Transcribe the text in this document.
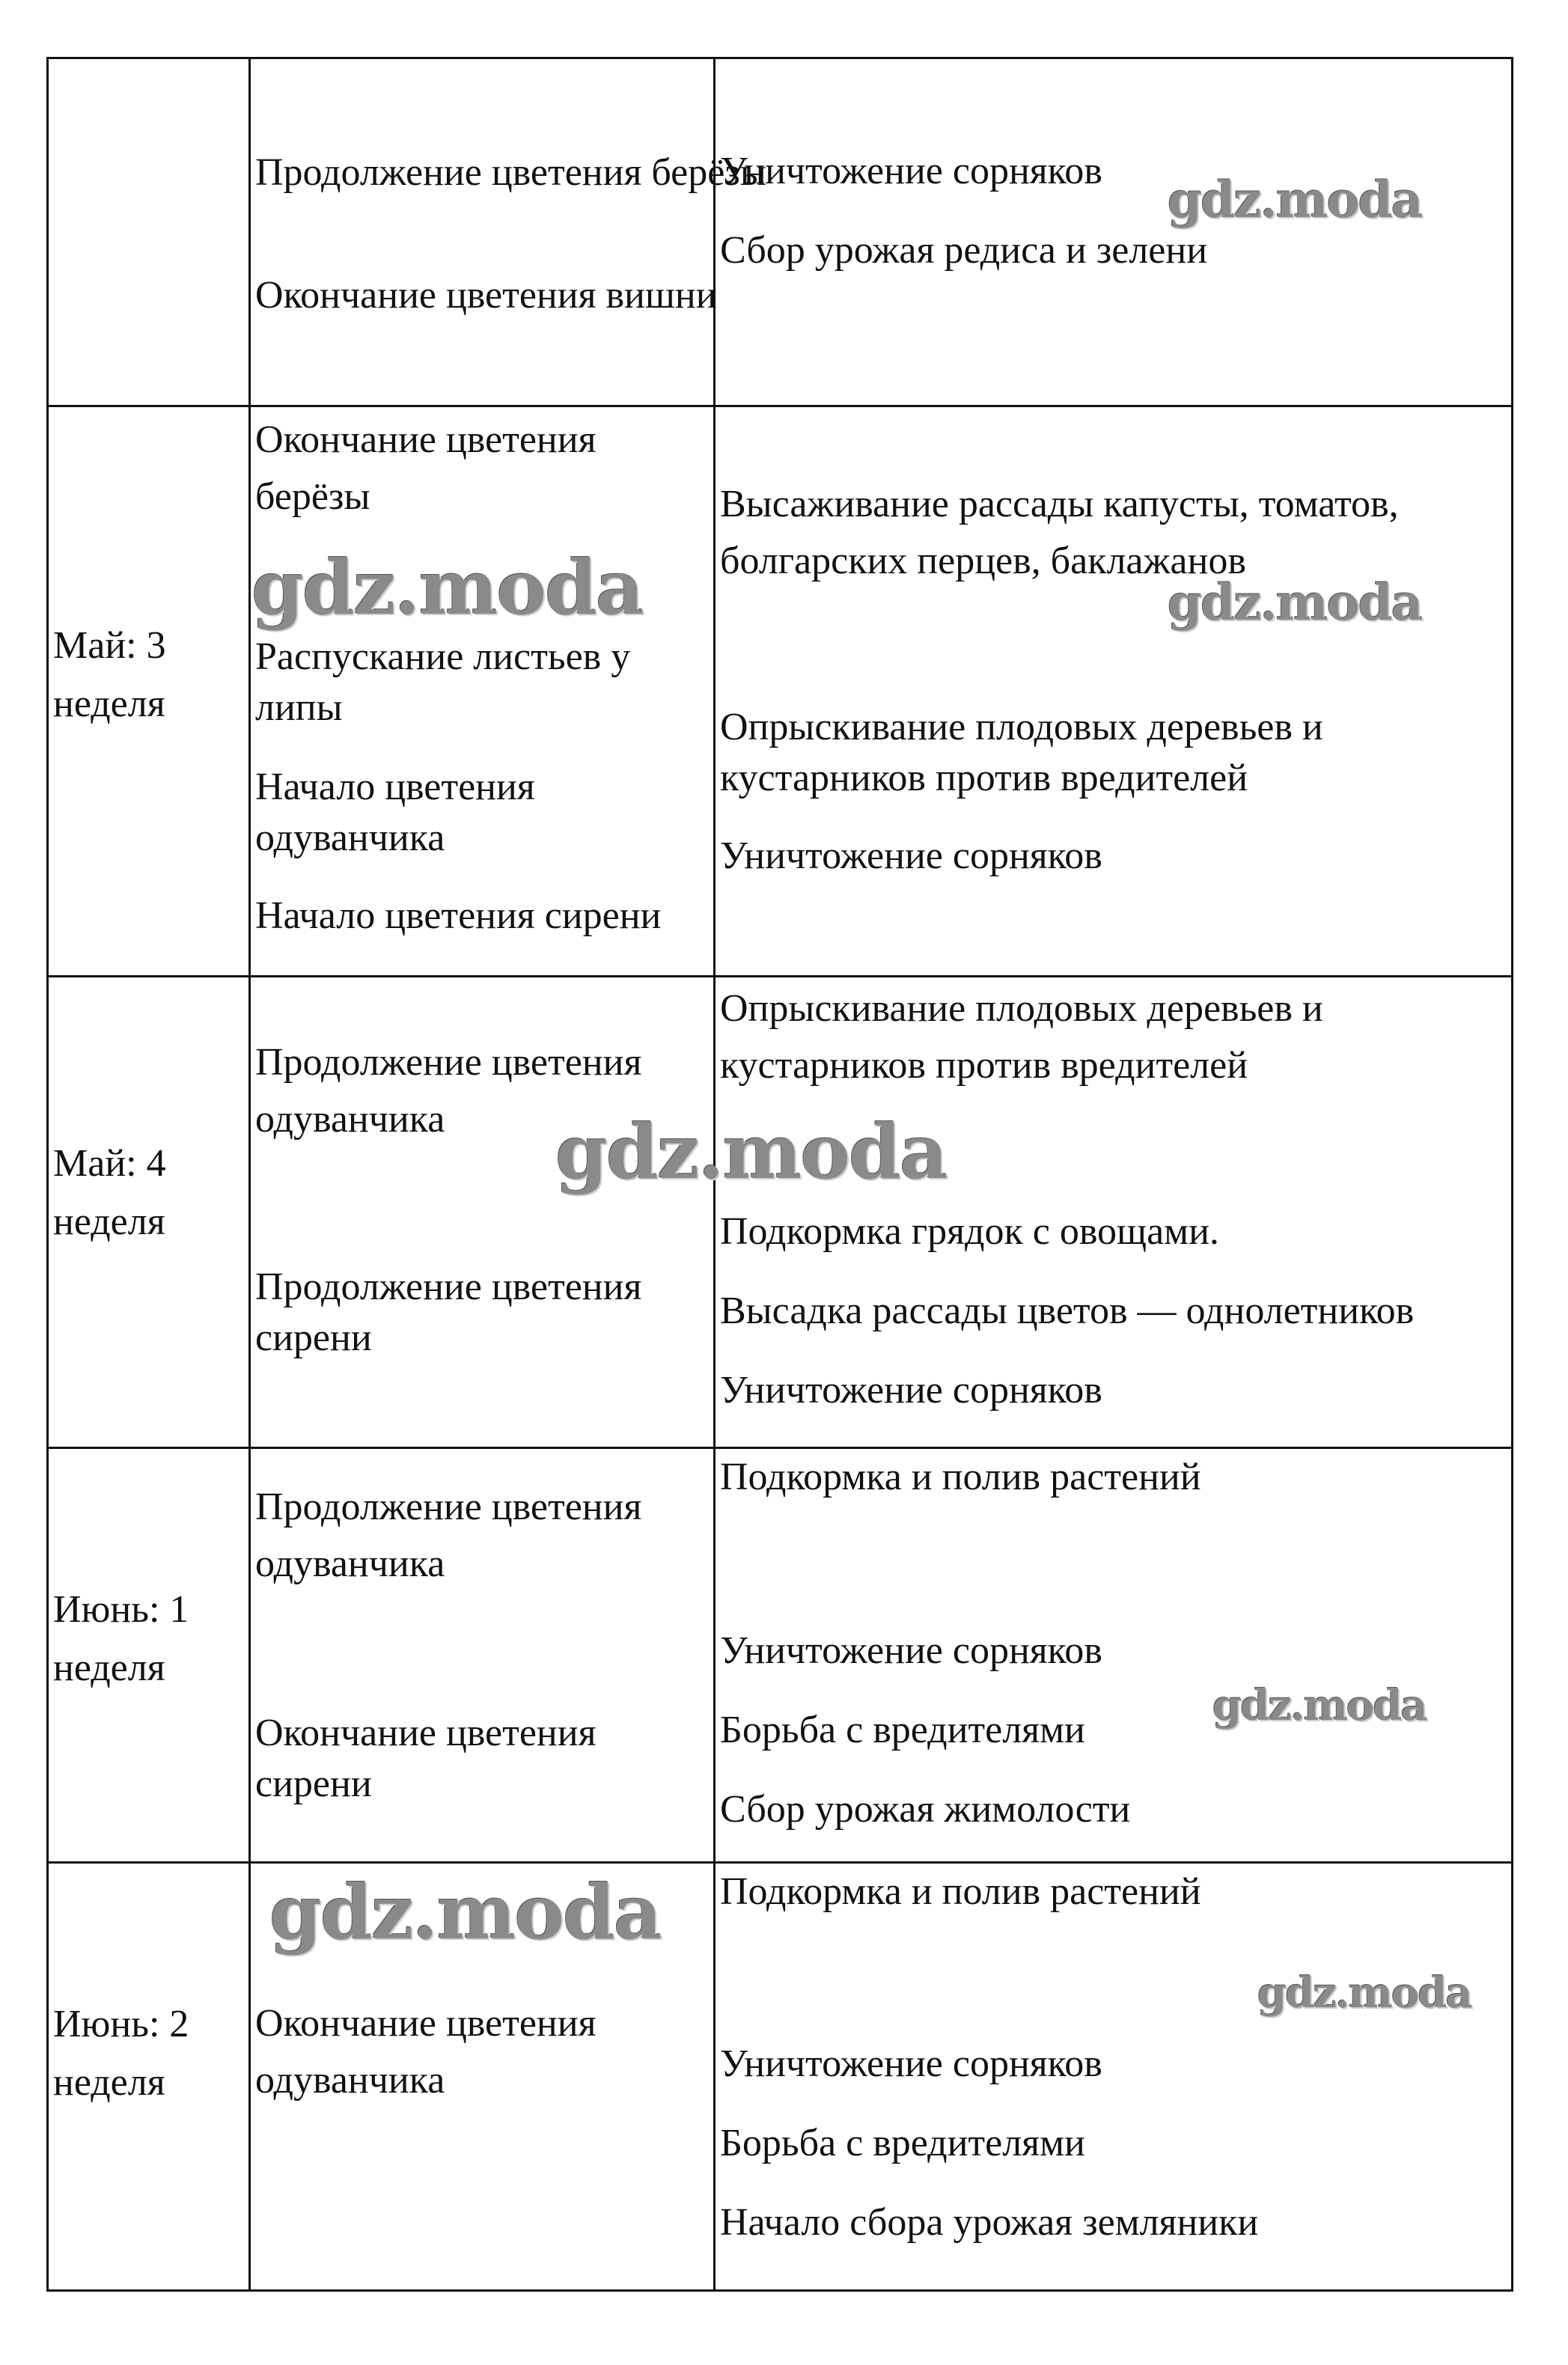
Продолжение цветения берёзы
Окончание цветения вишни
Уничтожение сорняков
Сбор урожая редиса и зелени
Май: 3 неделя
Окончание цветения берёзы
Распускание листьев у липы
Начало цветения одуванчика
Начало цветения сирени
Высаживание рассады капусты, томатов, болгарских перцев, баклажанов
Опрыскивание плодовых деревьев и кустарников против вредителей
Уничтожение сорняков
Май: 4 неделя
Продолжение цветения одуванчика
Продолжение цветения сирени
Опрыскивание плодовых деревьев и кустарников против вредителей
Подкормка грядок с овощами.
Высадка рассады цветов — однолетников
Уничтожение сорняков
Июнь: 1 неделя
Продолжение цветения одуванчика
Окончание цветения сирени
Подкормка и полив растений
Уничтожение сорняков
Борьба с вредителями
Сбор урожая жимолости
Июнь: 2 неделя
Окончание цветения одуванчика
Подкормка и полив растений
Уничтожение сорняков
Борьба с вредителями
Начало сбора урожая земляники
gdz.moda
gdz.moda	gdz.moda
gdz.moda
gdz.moda
gdz.moda
gdz.moda
